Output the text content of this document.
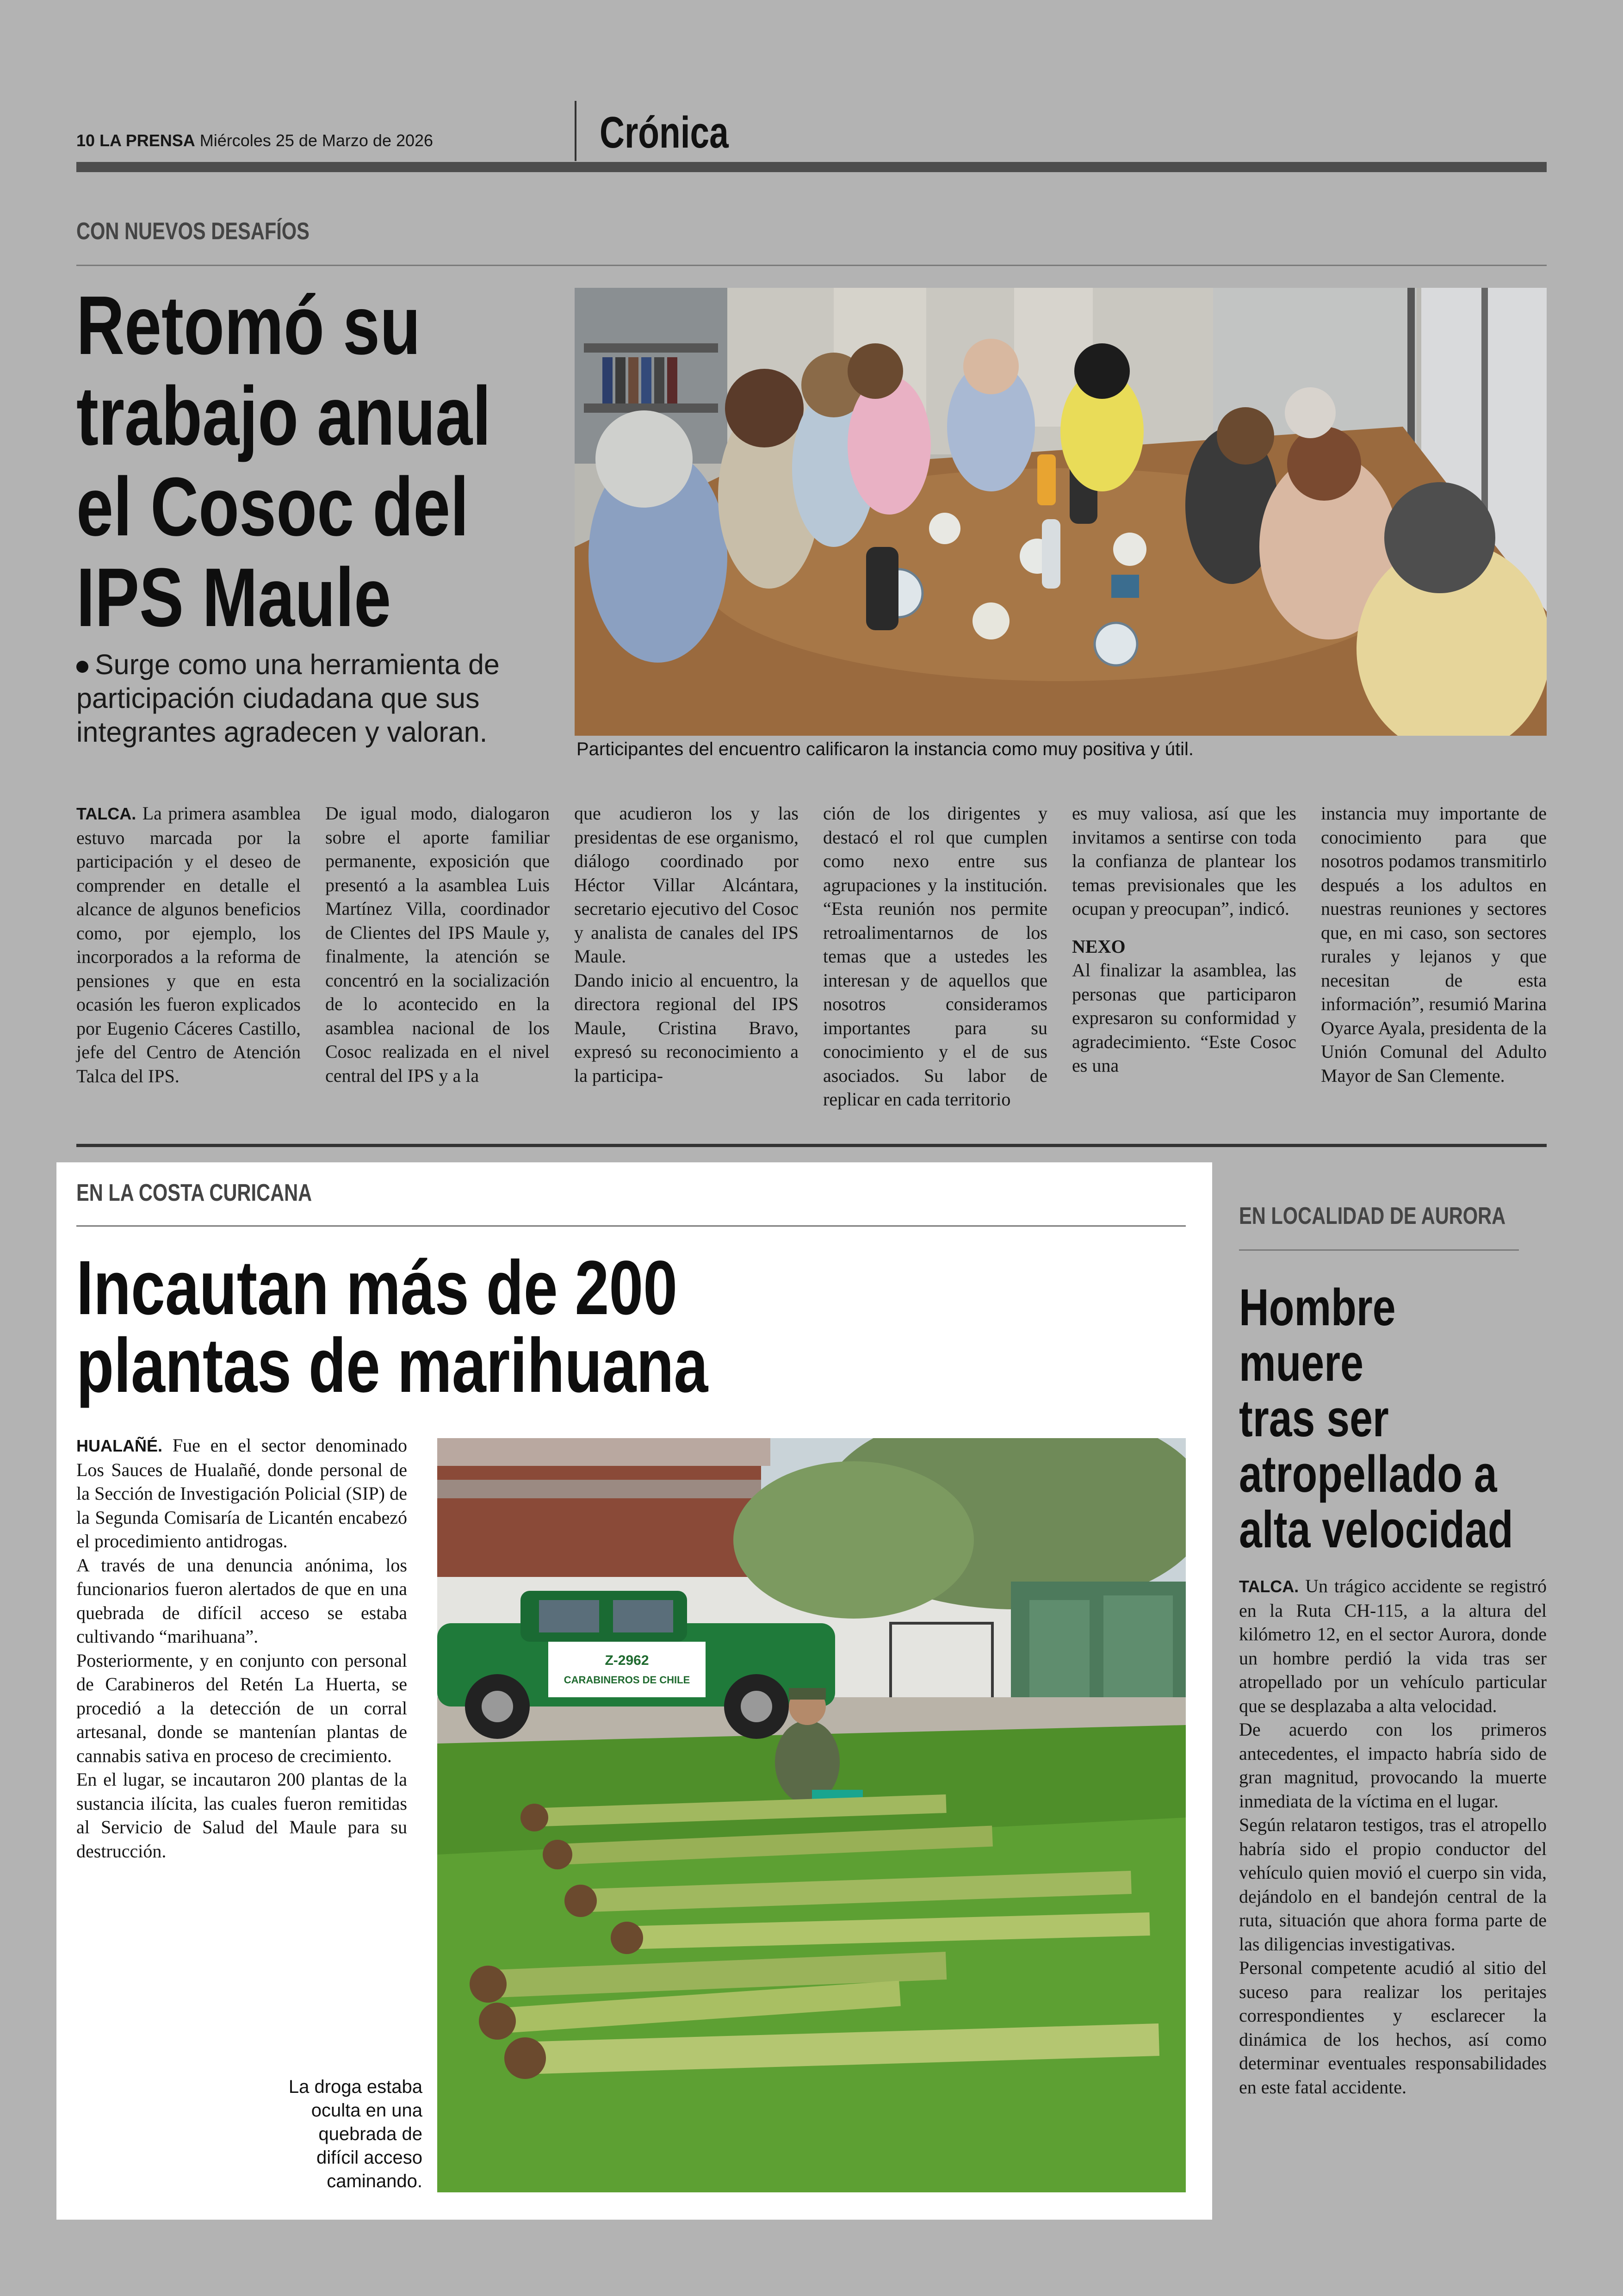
10 LA PRENSA Miércoles 25 de Marzo de 2026	Crónica
CON NUEVOS DESAFÍOS
Retomó su
trabajo anual
el Cosoc del
IPS Maule
Surge como una herramienta de participación ciudadana que sus integrantes agradecen y valoran.
Participantes del encuentro calificaron la instancia como muy positiva y útil.

TALCA. La primera asamblea estuvo marcada por la participación y el deseo de comprender en detalle el alcance de algunos beneficios como, por ejemplo, los incorporados a la reforma de pensiones y que en esta ocasión les fueron explicados por Eugenio Cáceres Castillo, jefe del Centro de Atención Talca del IPS.

De igual modo, dialogaron sobre el aporte familiar permanente, exposición que presentó a la asamblea Luis Martínez Villa, coordinador de Clientes del IPS Maule y, finalmente, la atención se concentró en la socialización de lo acontecido en la asamblea nacional de los Cosoc realizada en el nivel central del IPS y a la

que acudieron los y las presidentas de ese organismo, diálogo coordinado por Héctor Villar Alcántara, secretario ejecutivo del Cosoc y analista de canales del IPS Maule.

Dando inicio al encuentro, la directora regional del IPS Maule, Cristina Bravo, expresó su reconocimiento a la participa-

ción de los dirigentes y destacó el rol que cumplen como nexo entre sus agrupaciones y la institución. “Esta reunión nos permite retroalimentarnos de los temas que a ustedes les interesan y de aquellos que nosotros consideramos importantes para su conocimiento y el de sus asociados. Su labor de replicar en cada territorio

es muy valiosa, así que les invitamos a sentirse con toda la confianza de plantear los temas previsionales que les ocupan y preocupan”, indicó.

NEXO

Al finalizar la asamblea, las personas que participaron expresaron su conformidad y agradecimiento. “Este Cosoc es una

instancia muy importante de conocimiento para que nosotros podamos transmitirlo después a los adultos en nuestras reuniones y sectores que, en mi caso, son sectores rurales y lejanos y que necesitan de esta información”, resumió Marina Oyarce Ayala, presidenta de la Unión Comunal del Adulto Mayor de San Clemente.

EN LA COSTA CURICANA
Incautan más de 200
plantas de marihuana

HUALAÑÉ. Fue en el sector denominado Los Sauces de Hualañé, donde personal de la Sección de Investigación Policial (SIP) de la Segunda Comisaría de Licantén encabezó el procedimiento antidrogas.

A través de una denuncia anónima, los funcionarios fueron alertados de que en una quebrada de difícil acceso se estaba cultivando “marihuana”.

Posteriormente, y en conjunto con personal de Carabineros del Retén La Huerta, se procedió a la detección de un corral artesanal, donde se mantenían plantas de cannabis sativa en proceso de crecimiento.

En el lugar, se incautaron 200 plantas de la sustancia ilícita, las cuales fueron remitidas al Servicio de Salud del Maule para su destrucción.

La droga estaba
oculta en una
quebrada de
difícil acceso
caminando.
CARABINEROS DE CHILE
Z-2962
EN LOCALIDAD DE AURORA
Hombre
muere
tras ser
atropellado a
alta velocidad

TALCA. Un trágico accidente se registró en la Ruta CH-115, a la altura del kilómetro 12, en el sector Aurora, donde un hombre perdió la vida tras ser atropellado por un vehículo particular que se desplazaba a alta velocidad.

De acuerdo con los primeros antecedentes, el impacto habría sido de gran magnitud, provocando la muerte inmediata de la víctima en el lugar.

Según relataron testigos, tras el atropello habría sido el propio conductor del vehículo quien movió el cuerpo sin vida, dejándolo en el bandejón central de la ruta, situación que ahora forma parte de las diligencias investigativas.

Personal competente acudió al sitio del suceso para realizar los peritajes correspondientes y esclarecer la dinámica de los hechos, así como determinar eventuales responsabilidades en este fatal accidente.
